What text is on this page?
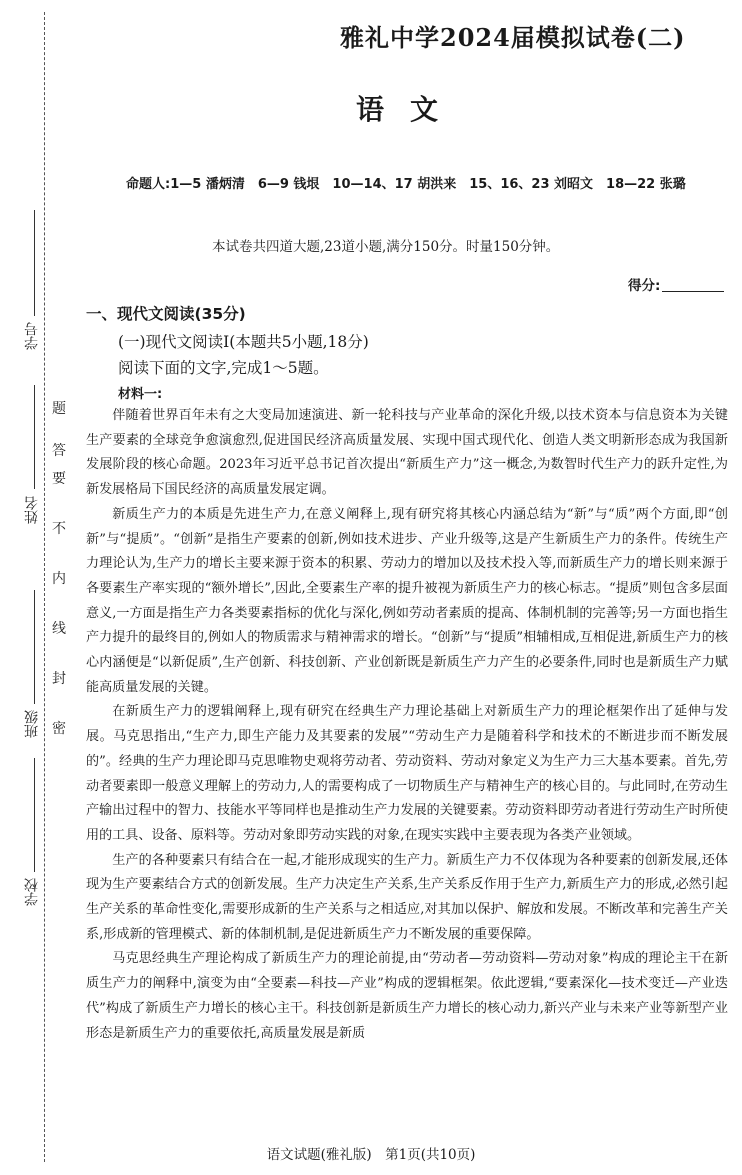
学号
姓名
班级
学校
密
封
线
内
不
要
答
题
雅礼中学2024届模拟试卷(二)
语文
命题人:1—5 潘炳清　6—9 钱垠　10—14、17 胡洪来　15、16、23 刘昭文　18—22 张璐
本试卷共四道大题,23道小题,满分150分。时量150分钟。
得分:
一、现代文阅读(35分)
(一)现代文阅读Ⅰ(本题共5小题,18分)
阅读下面的文字,完成1～5题。
材料一:

伴随着世界百年未有之大变局加速演进、新一轮科技与产业革命的深化升级,以技术资本与信息资本为关键生产要素的全球竞争愈演愈烈,促进国民经济高质量发展、实现中国式现代化、创造人类文明新形态成为我国新发展阶段的核心命题。2023年习近平总书记首次提出“新质生产力”这一概念,为数智时代生产力的跃升定性,为新发展格局下国民经济的高质量发展定调。

新质生产力的本质是先进生产力,在意义阐释上,现有研究将其核心内涵总结为“新”与“质”两个方面,即“创新”与“提质”。“创新”是指生产要素的创新,例如技术进步、产业升级等,这是产生新质生产力的条件。传统生产力理论认为,生产力的增长主要来源于资本的积累、劳动力的增加以及技术投入等,而新质生产力的增长则来源于各要素生产率实现的“额外增长”,因此,全要素生产率的提升被视为新质生产力的核心标志。“提质”则包含多层面意义,一方面是指生产力各类要素指标的优化与深化,例如劳动者素质的提高、体制机制的完善等;另一方面也指生产力提升的最终目的,例如人的物质需求与精神需求的增长。“创新”与“提质”相辅相成,互相促进,新质生产力的核心内涵便是“以新促质”,生产创新、科技创新、产业创新既是新质生产力产生的必要条件,同时也是新质生产力赋能高质量发展的关键。

在新质生产力的逻辑阐释上,现有研究在经典生产力理论基础上对新质生产力的理论框架作出了延伸与发展。马克思指出,“生产力,即生产能力及其要素的发展”“劳动生产力是随着科学和技术的不断进步而不断发展的”。经典的生产力理论即马克思唯物史观将劳动者、劳动资料、劳动对象定义为生产力三大基本要素。首先,劳动者要素即一般意义理解上的劳动力,人的需要构成了一切物质生产与精神生产的核心目的。与此同时,在劳动生产输出过程中的智力、技能水平等同样也是推动生产力发展的关键要素。劳动资料即劳动者进行劳动生产时所使用的工具、设备、原料等。劳动对象即劳动实践的对象,在现实实践中主要表现为各类产业领域。

生产的各种要素只有结合在一起,才能形成现实的生产力。新质生产力不仅体现为各种要素的创新发展,还体现为生产要素结合方式的创新发展。生产力决定生产关系,生产关系反作用于生产力,新质生产力的形成,必然引起生产关系的革命性变化,需要形成新的生产关系与之相适应,对其加以保护、解放和发展。不断改革和完善生产关系,形成新的管理模式、新的体制机制,是促进新质生产力不断发展的重要保障。

马克思经典生产理论构成了新质生产力的理论前提,由“劳动者—劳动资料—劳动对象”构成的理论主干在新质生产力的阐释中,演变为由“全要素—科技—产业”构成的逻辑框架。依此逻辑,“要素深化—技术变迁—产业迭代”构成了新质生产力增长的核心主干。科技创新是新质生产力增长的核心动力,新兴产业与未来产业等新型产业形态是新质生产力的重要依托,高质量发展是新质

语文试题(雅礼版)　第1页(共10页)
